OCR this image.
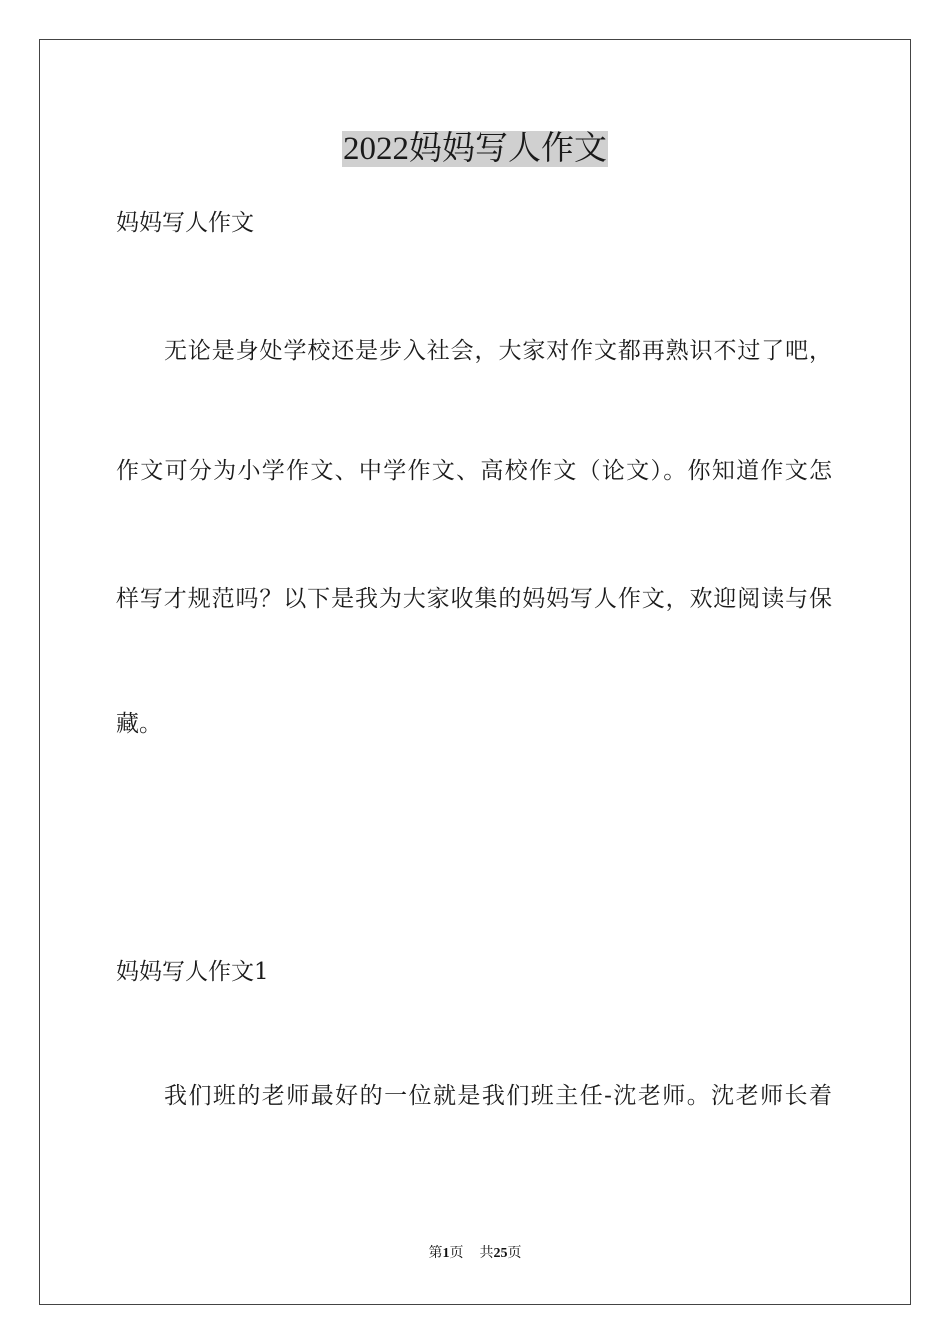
2022妈妈写人作文
妈妈写人作文
无论是身处学校还是步入社会，大家对作文都再熟识不过了吧，
作文可分为小学作文、中学作文、高校作文（论文）。你知道作文怎
样写才规范吗？以下是我为大家收集的妈妈写人作文，欢迎阅读与保
藏。
妈妈写人作文1
我们班的老师最好的一位就是我们班主任-沈老师。沈老师长着
第1页 共25页
